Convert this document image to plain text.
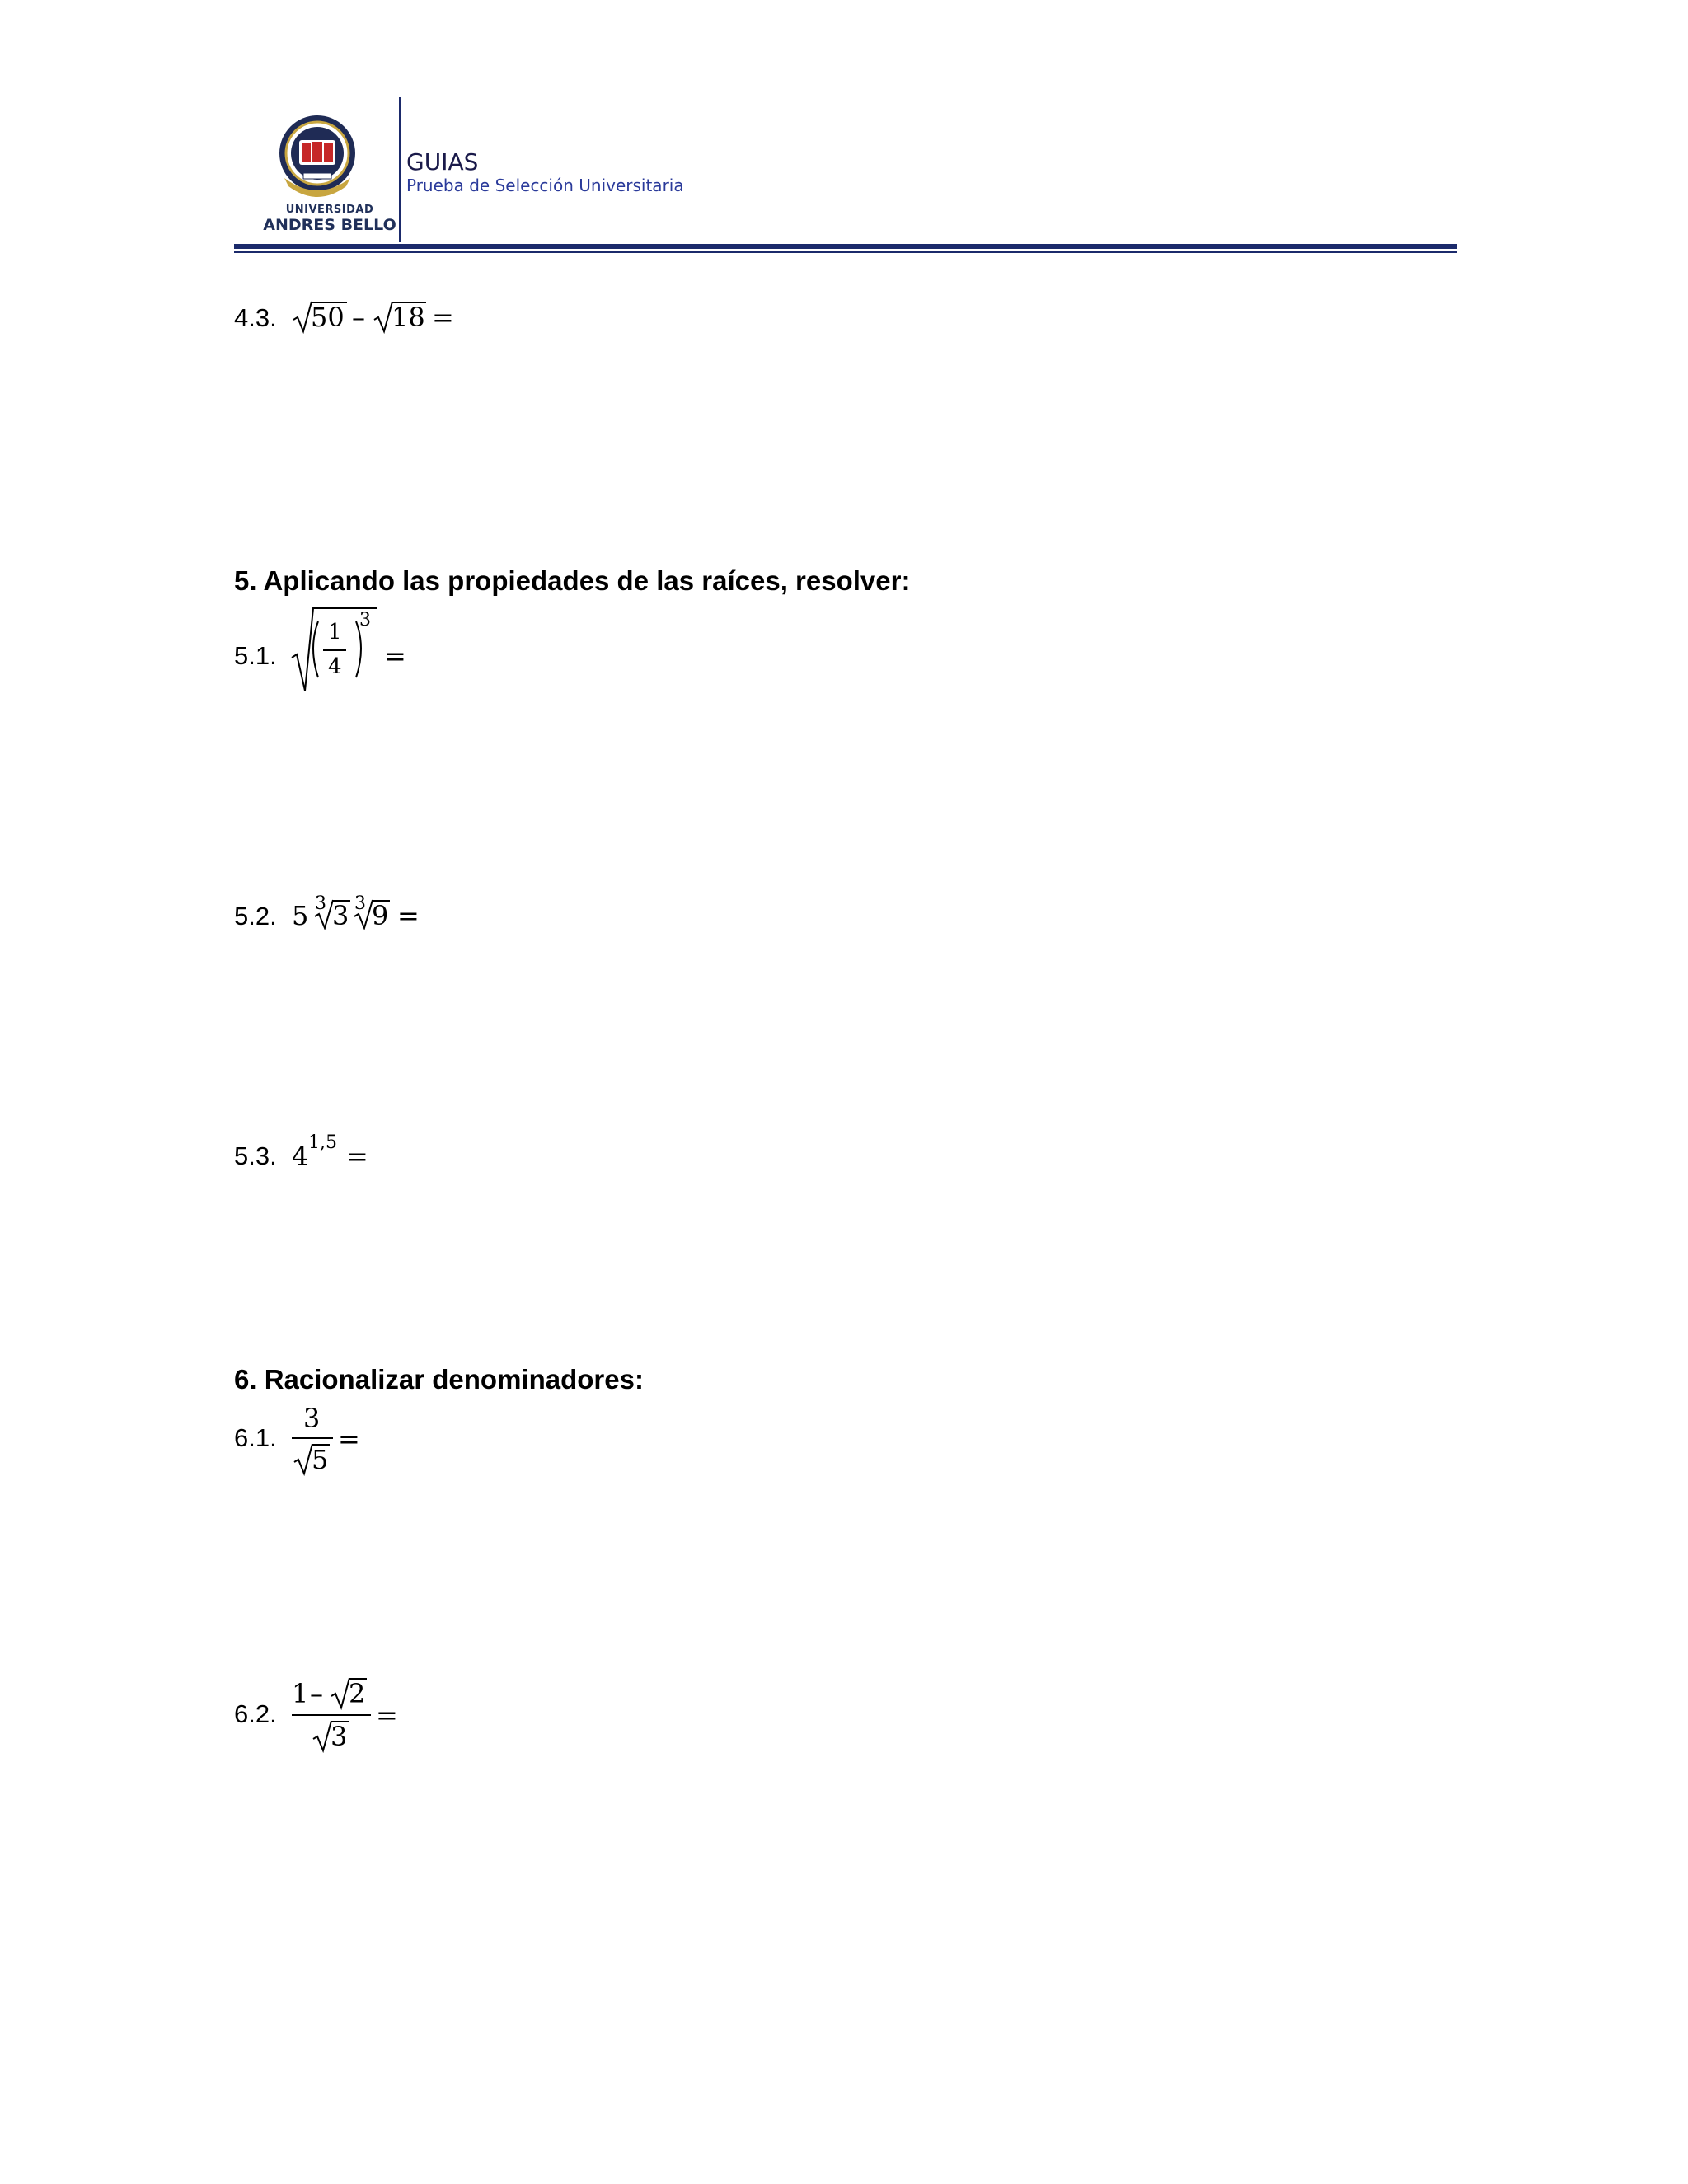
UNIVERSIDAD
ANDRES BELLO
GUIAS
Prueba de Selección Universitaria
4.3. 50 – 18 =
5. Aplicando las propiedades de las raíces, resolver:
5.1.
1
4
3
=
5.2. 5 3 3 3 9 =
5.3. 4 1,5 =
6. Racionalizar denominadores:
6.1.
3
5
=
6.2.
1 – 2
3
=
